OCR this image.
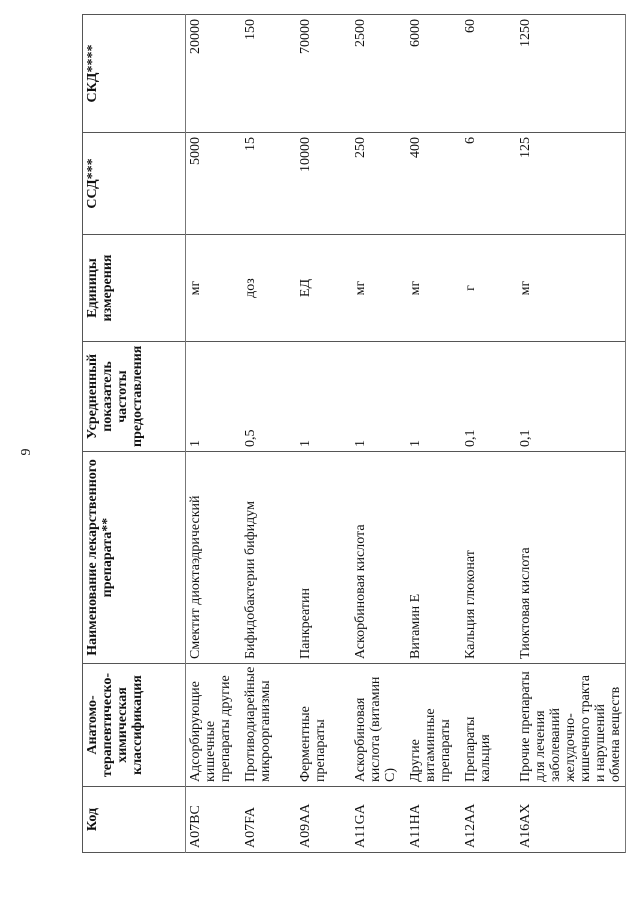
9
Код	Анатомо-терапевтическо-химическая классификация	Наименование лекарственного препарата**	Усредненный показатель частоты предоставления	Единицы измерения	ССД***	СКД****
A07BC	Адсорбирующие кишечные препараты другие	Смектит диоктаэдрический	1	мг	5000	20000
A07FA	Противодиарейные микроорганизмы	Бифидобактерии бифидум	0,5	доз	15	150
A09AA	Ферментные препараты	Панкреатин	1	ЕД	10000	70000
A11GA	Аскорбиновая кислота (витамин С)	Аскорбиновая кислота	1	мг	250	2500
A11HA	Другие витаминные препараты	Витамин Е	1	мг	400	6000
A12AA	Препараты кальция	Кальция глюконат	0,1	г	6	60
A16AX	Прочие препараты для лечения заболеваний желудочно-кишечного тракта и нарушений обмена веществ	Тиоктовая кислота	0,1	мг	125	1250
